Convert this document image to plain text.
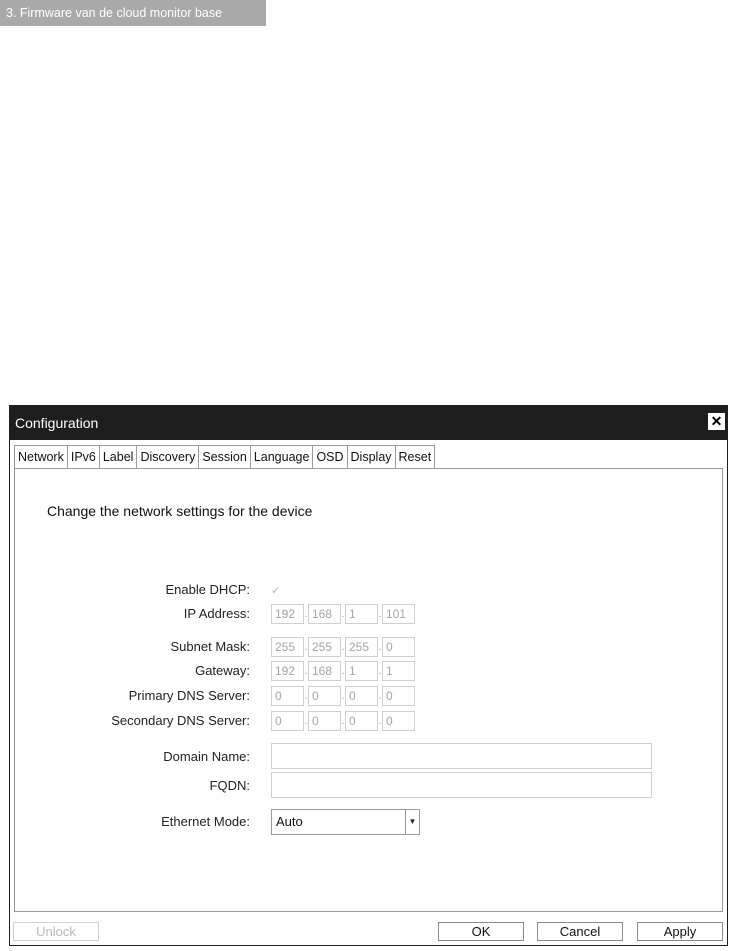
3. Firmware van de cloud monitor base
Configuration	✕
Network IPv6 Label Discovery Session Language OSD Display Reset
Change the network settings for the device
Enable DHCP: ✓
IP Address:	192 . 168 . 1	. 101
Subnet Mask:	255 . 255 . 255 . 0
Gateway:	192 . 168 . 1	. 1
Primary DNS Server:	0	. 0	. 0	. 0
Secondary DNS Server:	0	. 0	. 0	. 0
Domain Name:
FQDN:
Ethernet Mode:	Auto	▼
Unlock	OK	Cancel	Apply
